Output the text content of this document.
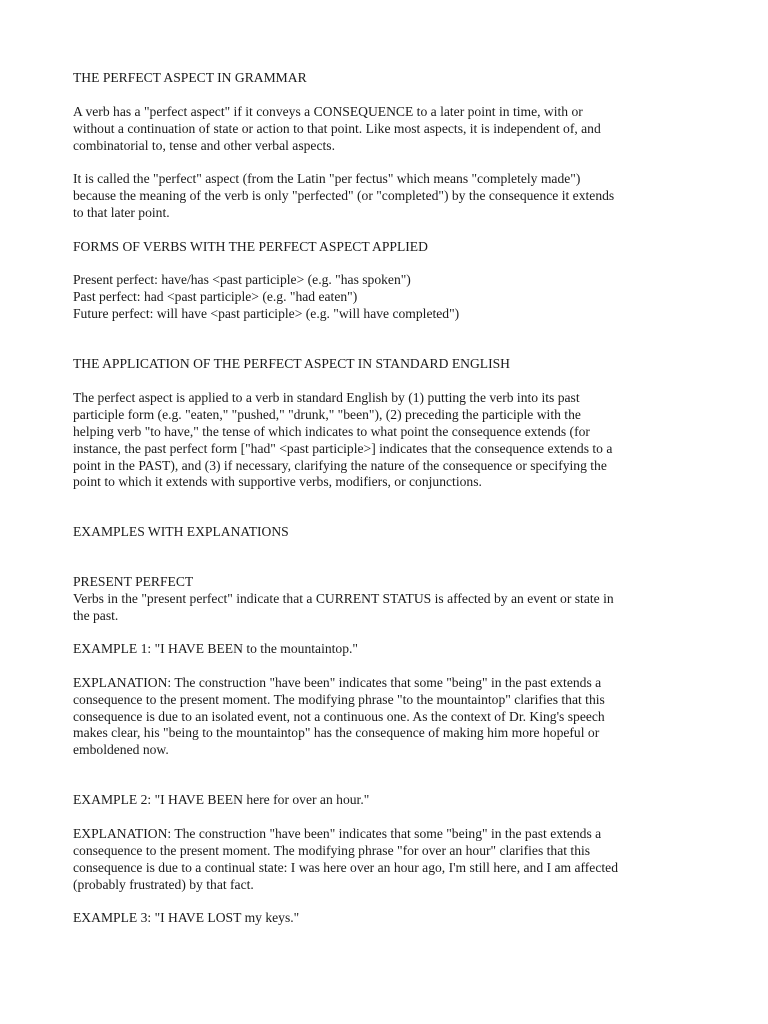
THE PERFECT ASPECT IN GRAMMAR

A verb has a "perfect aspect" if it conveys a CONSEQUENCE to a later point in time, with or

without a continuation of state or action to that point. Like most aspects, it is independent of, and

combinatorial to, tense and other verbal aspects.

It is called the "perfect" aspect (from the Latin "per fectus" which means "completely made")

because the meaning of the verb is only "perfected" (or "completed") by the consequence it extends

to that later point.

FORMS OF VERBS WITH THE PERFECT ASPECT APPLIED

Present perfect: have/has <past participle> (e.g. "has spoken")

Past perfect: had <past participle> (e.g. "had eaten")

Future perfect: will have <past participle> (e.g. "will have completed")

THE APPLICATION OF THE PERFECT ASPECT IN STANDARD ENGLISH

The perfect aspect is applied to a verb in standard English by (1) putting the verb into its past

participle form (e.g. "eaten," "pushed," "drunk," "been"), (2) preceding the participle with the

helping verb "to have," the tense of which indicates to what point the consequence extends (for

instance, the past perfect form ["had" <past participle>] indicates that the consequence extends to a

point in the PAST), and (3) if necessary, clarifying the nature of the consequence or specifying the

point to which it extends with supportive verbs, modifiers, or conjunctions.

EXAMPLES WITH EXPLANATIONS

PRESENT PERFECT

Verbs in the "present perfect" indicate that a CURRENT STATUS is affected by an event or state in

the past.

EXAMPLE 1: "I HAVE BEEN to the mountaintop."

EXPLANATION: The construction "have been" indicates that some "being" in the past extends a

consequence to the present moment. The modifying phrase "to the mountaintop" clarifies that this

consequence is due to an isolated event, not a continuous one. As the context of Dr. King's speech

makes clear, his "being to the mountaintop" has the consequence of making him more hopeful or

emboldened now.

EXAMPLE 2: "I HAVE BEEN here for over an hour."

EXPLANATION: The construction "have been" indicates that some "being" in the past extends a

consequence to the present moment. The modifying phrase "for over an hour" clarifies that this

consequence is due to a continual state: I was here over an hour ago, I'm still here, and I am affected

(probably frustrated) by that fact.

EXAMPLE 3: "I HAVE LOST my keys."
